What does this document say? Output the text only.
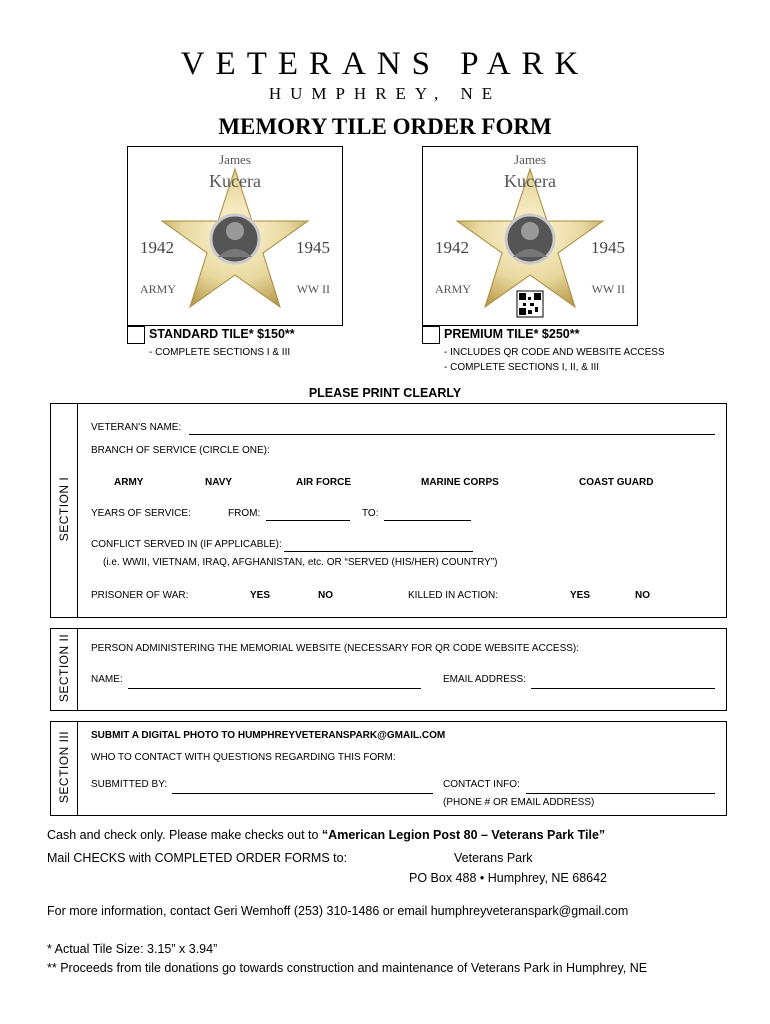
VETERANS PARK
HUMPHREY, NE
MEMORY TILE ORDER FORM
James
Kucera
1942	1945
ARMY	WW II
James
Kucera
1942	1945
ARMY	WW II
STANDARD TILE* $150**
- COMPLETE SECTIONS I & III
PREMIUM TILE* $250**
- INCLUDES QR CODE AND WEBSITE ACCESS
- COMPLETE SECTIONS I, II, & III
PLEASE PRINT CLEARLY
SECTION I
VETERAN'S NAME:
BRANCH OF SERVICE (CIRCLE ONE):
ARMY	NAVY	AIR FORCE	MARINE CORPS	COAST GUARD
YEARS OF SERVICE:	FROM:	TO:
CONFLICT SERVED IN (IF APPLICABLE):
(i.e. WWII, VIETNAM, IRAQ, AFGHANISTAN, etc. OR “SERVED (HIS/HER) COUNTRY”)
PRISONER OF WAR:	YES	NO	KILLED IN ACTION:	YES	NO
SECTION II PERSON ADMINISTERING THE MEMORIAL WEBSITE (NECESSARY FOR QR CODE WEBSITE ACCESS):
NAME:	EMAIL ADDRESS:
SECTION III SUBMIT A DIGITAL PHOTO TO HUMPHREYVETERANSPARK@GMAIL.COM
WHO TO CONTACT WITH QUESTIONS REGARDING THIS FORM:
SUBMITTED BY:	CONTACT INFO:
(PHONE # OR EMAIL ADDRESS)
Cash and check only. Please make checks out to “American Legion Post 80 – Veterans Park Tile”
Mail CHECKS with COMPLETED ORDER FORMS to:	Veterans Park
PO Box 488 • Humphrey, NE 68642
For more information, contact Geri Wemhoff (253) 310-1486 or email humphreyveteranspark@gmail.com
* Actual Tile Size: 3.15” x 3.94”
** Proceeds from tile donations go towards construction and maintenance of Veterans Park in Humphrey, NE
